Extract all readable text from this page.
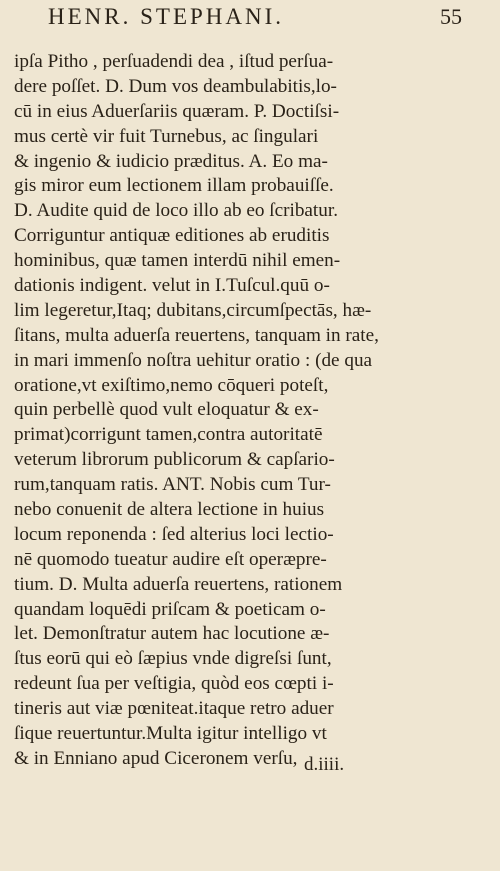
HENR. STEPHANI.	55
ipſa Pitho , perſuadendi dea , iſtud perſua-
dere poſſet. D. Dum vos deambulabitis,lo-
cū in eius Aduerſariis quæram. P. Doctiſsi-
mus certè vir fuit Turnebus, ac ſingulari
& ingenio & iudicio præditus. A. Eo ma-
gis miror eum lectionem illam probauiſſe.
D. Audite quid de loco illo ab eo ſcribatur.
Corriguntur antiquæ editiones ab eruditis
hominibus, quæ tamen interdū nihil emen-
dationis indigent. velut in I.Tuſcul.quū o-
lim legeretur,Itaq; dubitans,circumſpectās, hæ-
ſitans, multa aduerſa reuertens, tanquam in rate,
in mari immenſo noſtra uehitur oratio : (de qua
oratione,vt exiſtimo,nemo cōqueri poteſt,
quin perbellè quod vult eloquatur & ex-
primat)corrigunt tamen,contra autoritatē
veterum librorum publicorum & capſario-
rum,tanquam ratis. ANT. Nobis cum Tur-
nebo conuenit de altera lectione in huius
locum reponenda : ſed alterius loci lectio-
nē quomodo tueatur audire eſt operæpre-
tium. D. Multa aduerſa reuertens, rationem
quandam loquēdi priſcam & poeticam o-
let. Demonſtratur autem hac locutione æ-
ſtus eorū qui eò ſæpius vnde digreſsi ſunt,
redeunt ſua per veſtigia, quòd eos cœpti i-
tineris aut viæ pœniteat.itaque retro aduer
ſique reuertuntur.Multa igitur intelligo vt
& in Enniano apud Ciceronem verſu, d.iiii.
